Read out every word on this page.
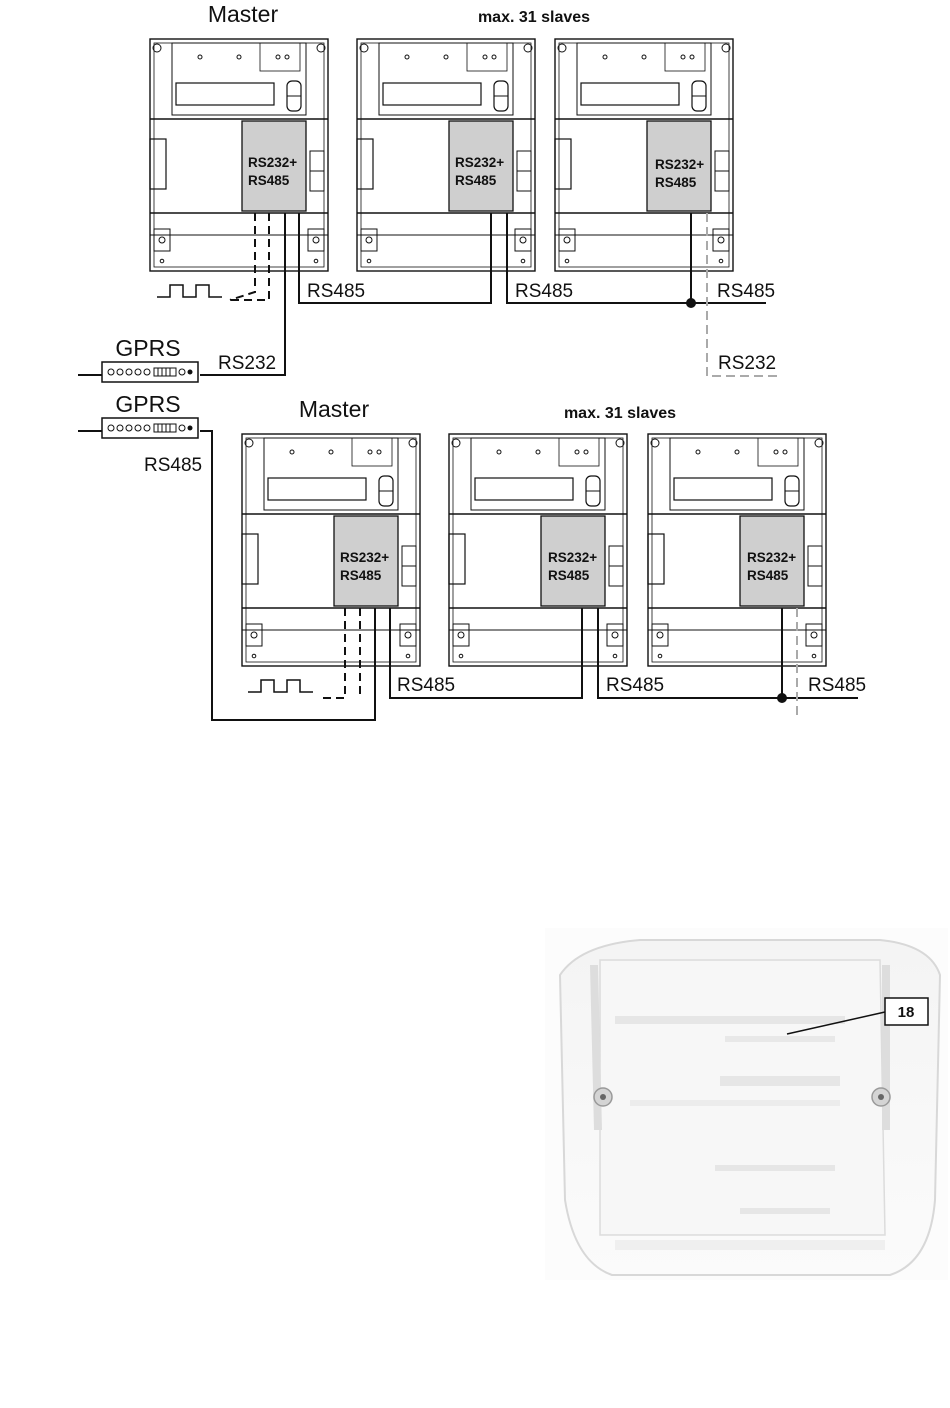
Master	max. 31 slaves
RS232+
RS485
RS232+
RS485
RS232+
RS485
RS485	RS485	RS485
RS232
GPRS
RS232
Master	max. 31 slaves
GPRS
RS485
RS232+
RS485
RS232+
RS485
RS232+
RS485
RS485	RS485	RS485
18
